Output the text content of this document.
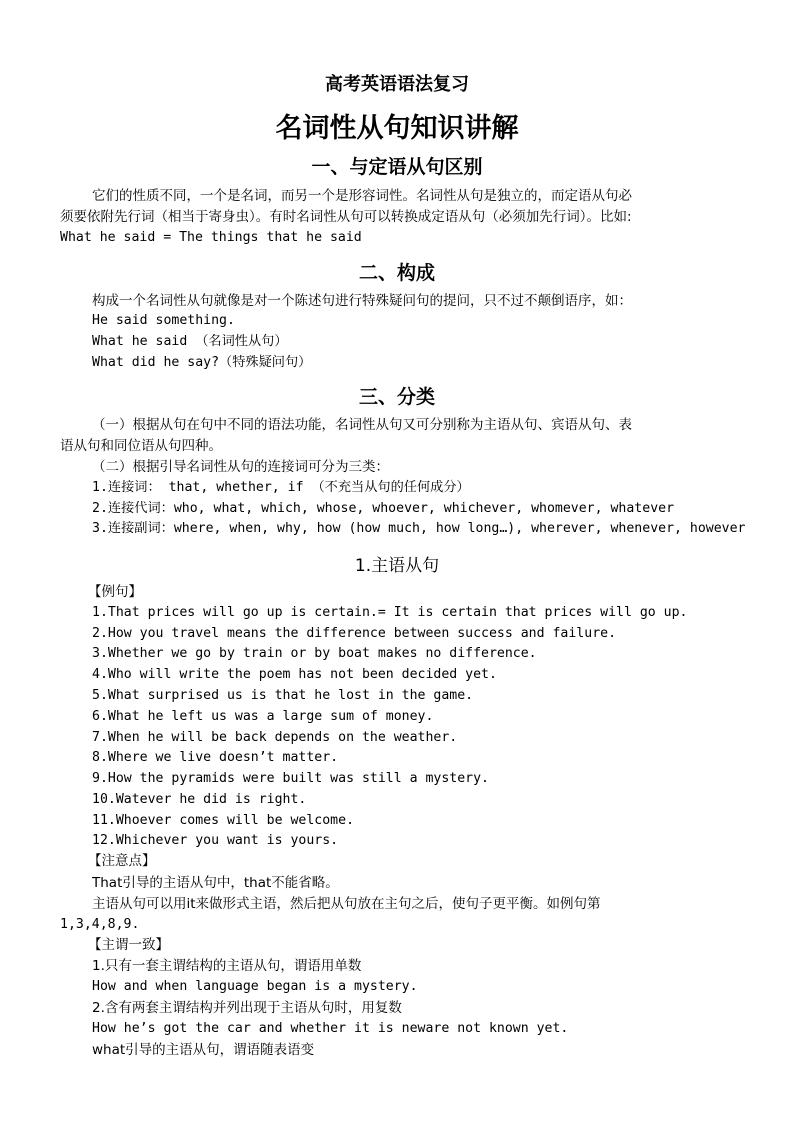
高考英语语法复习
名词性从句知识讲解
一、与定语从句区别
它们的性质不同，一个是名词，而另一个是形容词性。名词性从句是独立的，而定语从句必
须要依附先行词（相当于寄身虫）。有时名词性从句可以转换成定语从句（必须加先行词）。比如:
What he said = The things that he said
二、构成
构成一个名词性从句就像是对一个陈述句进行特殊疑问句的提问，只不过不颠倒语序，如：
He said something.
What he said （名词性从句）
What did he say?（特殊疑问句）
三、分类
（一）根据从句在句中不同的语法功能，名词性从句又可分别称为主语从句、宾语从句、表
语从句和同位语从句四种。
（二）根据引导名词性从句的连接词可分为三类：
1.连接词： that, whether, if （不充当从句的任何成分）
2.连接代词：who, what, which, whose, whoever, whichever, whomever, whatever
3.连接副词：where, when, why, how (how much, how long…), wherever, whenever, however
1.主语从句
【例句】
1.That prices will go up is certain.= It is certain that prices will go up.
2.How you travel means the difference between success and failure.
3.Whether we go by train or by boat makes no difference.
4.Who will write the poem has not been decided yet.
5.What surprised us is that he lost in the game.
6.What he left us was a large sum of money.
7.When he will be back depends on the weather.
8.Where we live doesn’t matter.
9.How the pyramids were built was still a mystery.
10.Watever he did is right.
11.Whoever comes will be welcome.
12.Whichever you want is yours.
【注意点】
That引导的主语从句中，that不能省略。
主语从句可以用it来做形式主语，然后把从句放在主句之后，使句子更平衡。如例句第
1,3,4,8,9.
【主谓一致】
1.只有一套主谓结构的主语从句，谓语用单数
How and when language began is a mystery.
2.含有两套主谓结构并列出现于主语从句时，用复数
How he’s got the car and whether it is neware not known yet.
what引导的主语从句，谓语随表语变
